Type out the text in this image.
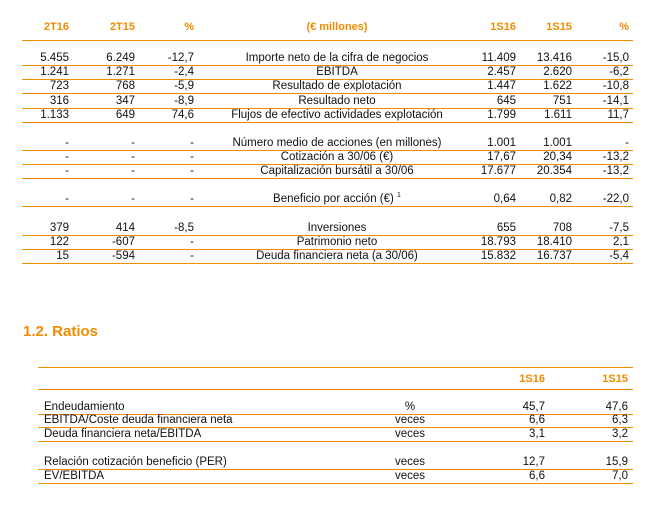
2T16	2T15	%	(€ millones)	1S16	1S15	%
5.455	6.249	-12,7	Importe neto de la cifra de negocios	11.409	13.416	-15,0
1.241	1.271	-2,4	EBITDA	2.457	2.620	-6,2
723	768	-5,9	Resultado de explotación	1.447	1.622	-10,8
316	347	-8,9	Resultado neto	645	751	-14,1
1.133	649	74,6	Flujos de efectivo actividades explotación	1.799	1.611	11,7
-	-	-	Número medio de acciones (en millones)	1.001	1.001	-
-	-	-	Cotización a 30/06 (€)	17,67	20,34	-13,2
-	-	-	Capitalización bursátil a 30/06	17.677	20.354	-13,2
-	-	-	Beneficio por acción (€) $^1$	0,64	0,82	-22,0
379	414	-8,5	Inversiones	655	708	-7,5
122	-607	-	Patrimonio neto	18.793	18.410	2,1
15	-594	-	Deuda financiera neta (a 30/06)	15.832	16.737	-5,4
1.2. Ratios
1S16	1S15
Endeudamiento	%	45,7	47,6
EBITDA/Coste deuda financiera neta	veces	6,6	6,3
Deuda financiera neta/EBITDA	veces	3,1	3,2
Relación cotización beneficio (PER)	veces	12,7	15,9
EV/EBITDA	veces	6,6	7,0
